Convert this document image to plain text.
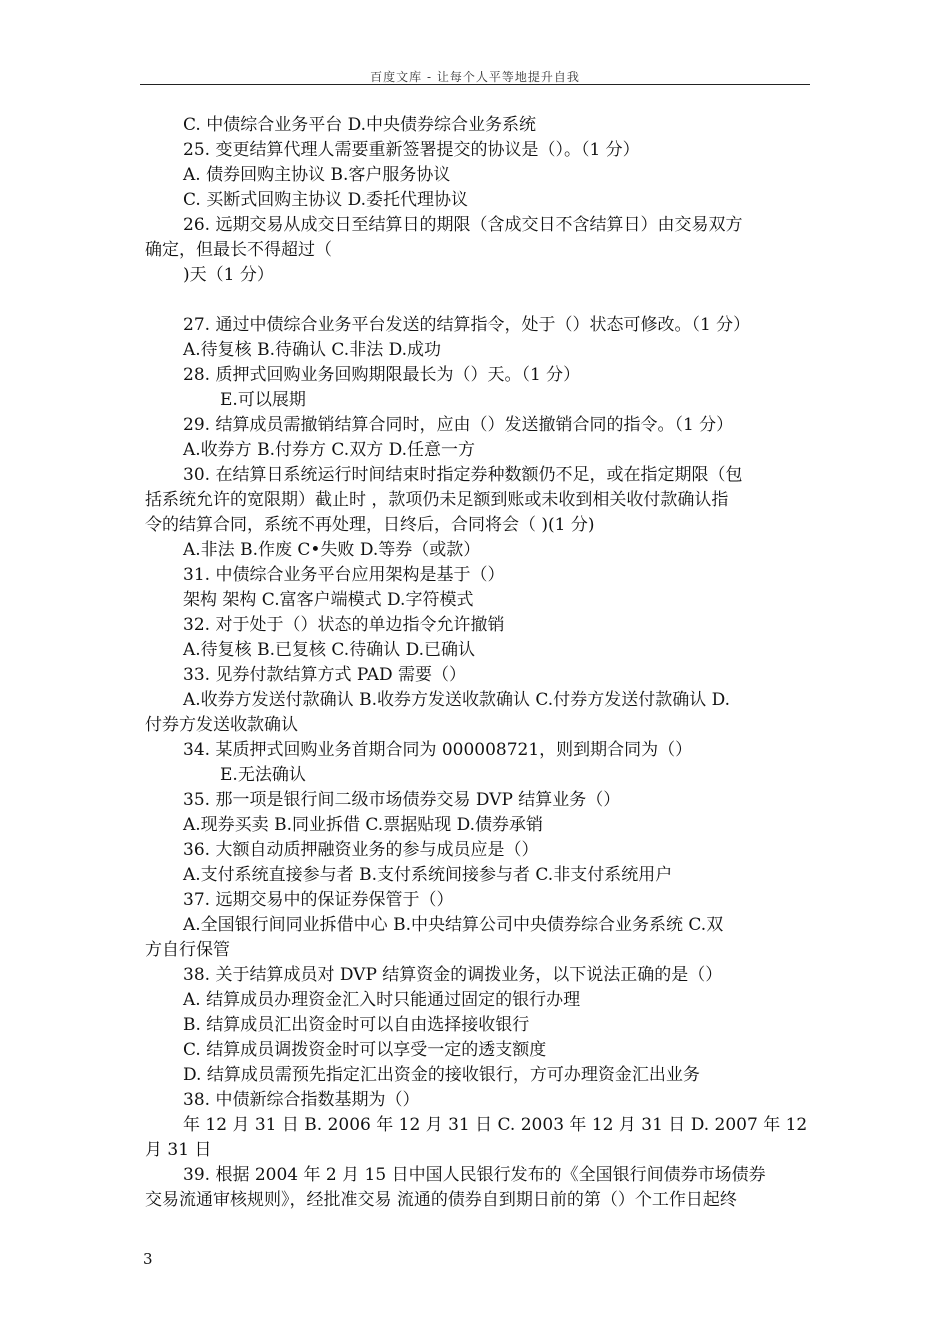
百度文库 - 让每个人平等地提升自我
C. 中债综合业务平台 D.中央债券综合业务系统
25. 变更结算代理人需要重新签署提交的协议是（）。（1 分）
A. 债券回购主协议 B.客户服务协议
C. 买断式回购主协议 D.委托代理协议
26. 远期交易从成交日至结算日的期限（含成交日不含结算日）由交易双方
确定，但最长不得超过（
)天（1 分）
27. 通过中债综合业务平台发送的结算指令，处于（）状态可修改。（1 分）
A.待复核 B.待确认 C.非法 D.成功
28. 质押式回购业务回购期限最长为（）天。（1 分）
E.可以展期
29. 结算成员需撤销结算合同时，应由（）发送撤销合同的指令。（1 分）
A.收券方 B.付券方 C.双方 D.任意一方
30. 在结算日系统运行时间结束时指定券种数额仍不足，或在指定期限（包
括系统允许的宽限期）截止时 ，款项仍未足额到账或未收到相关收付款确认指
令的结算合同，系统不再处理，日终后，合同将会（ )(1 分)
A.非法 B.作废 C•失败 D.等券（或款）
31. 中债综合业务平台应用架构是基于（）
架构 架构 C.富客户端模式 D.字符模式
32. 对于处于（）状态的单边指令允许撤销
A.待复核 B.已复核 C.待确认 D.已确认
33. 见券付款结算方式 PAD 需要（）
A.收券方发送付款确认 B.收券方发送收款确认 C.付券方发送付款确认 D.
付券方发送收款确认
34. 某质押式回购业务首期合同为 000008721，则到期合同为（）
E.无法确认
35. 那一项是银行间二级市场债券交易 DVP 结算业务（）
A.现券买卖 B.同业拆借 C.票据贴现 D.债券承销
36. 大额自动质押融资业务的参与成员应是（）
A.支付系统直接参与者 B.支付系统间接参与者 C.非支付系统用户
37. 远期交易中的保证券保管于（）
A.全国银行间同业拆借中心 B.中央结算公司中央债券综合业务系统 C.双
方自行保管
38. 关于结算成员对 DVP 结算资金的调拨业务，以下说法正确的是（）
A. 结算成员办理资金汇入时只能通过固定的银行办理
B. 结算成员汇出资金时可以自由选择接收银行
C. 结算成员调拨资金时可以享受一定的透支额度
D. 结算成员需预先指定汇出资金的接收银行，方可办理资金汇出业务
38. 中债新综合指数基期为（）
年 12 月 31 日 B. 2006 年 12 月 31 日 C. 2003 年 12 月 31 日 D. 2007 年 12
月 31 日
39. 根据 2004 年 2 月 15 日中国人民银行发布的《全国银行间债券市场债券
交易流通审核规则》，经批准交易 流通的债券自到期日前的第（）个工作日起终
3
